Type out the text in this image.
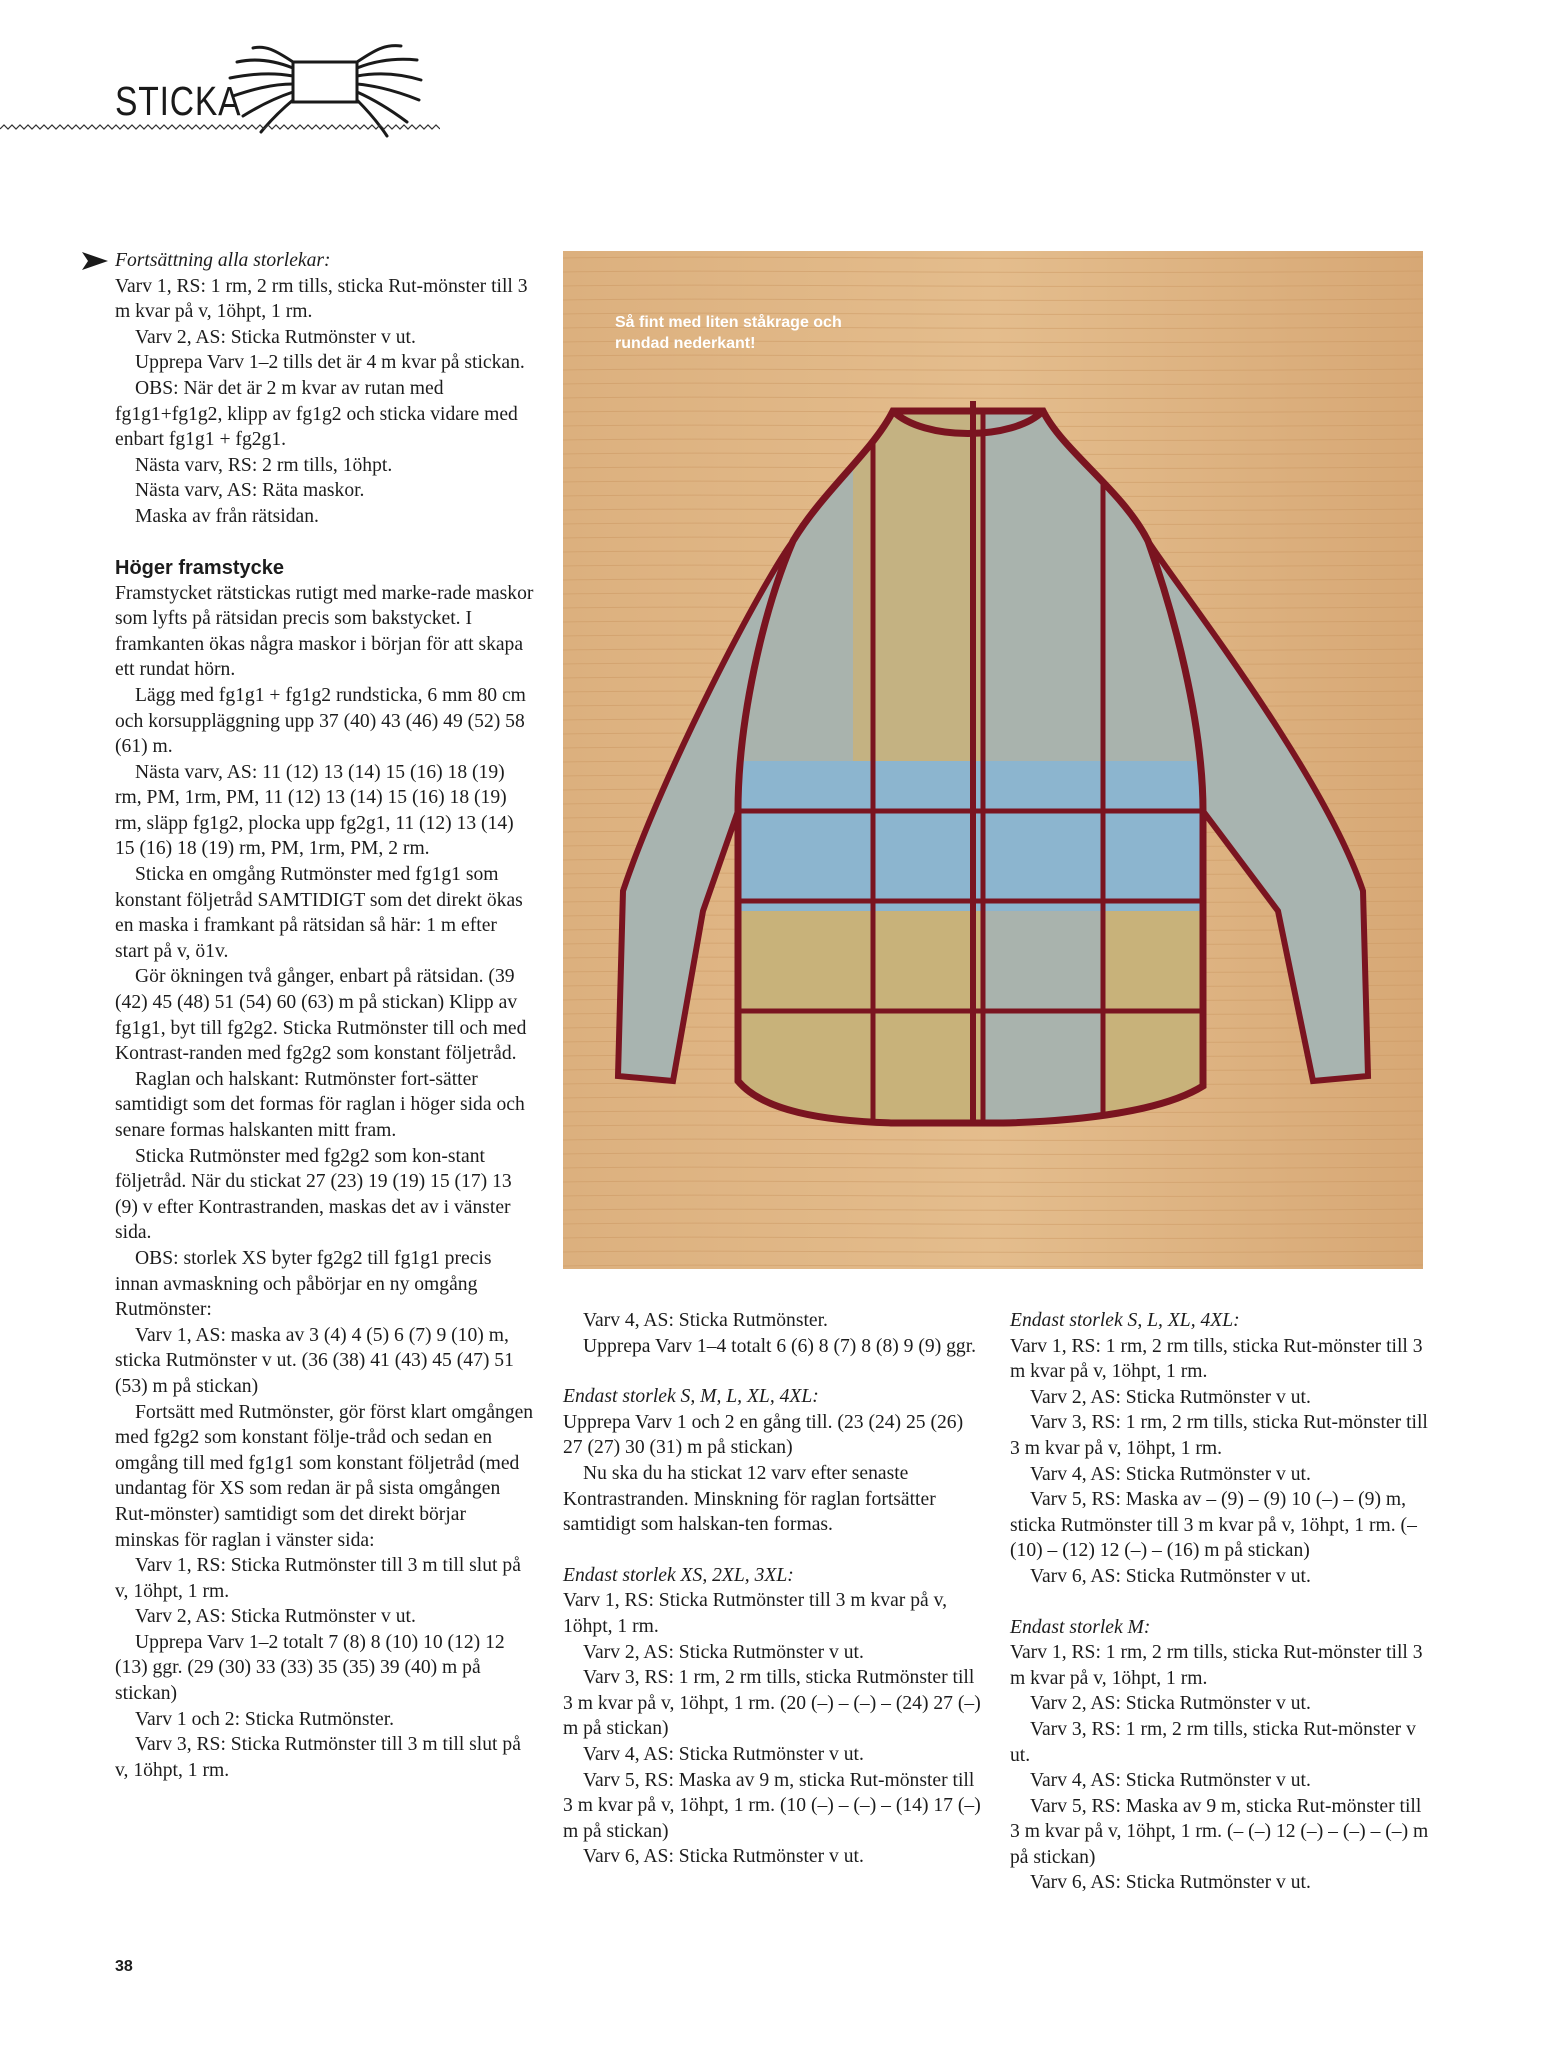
STICKA

Fortsättning alla storlekar:

Varv 1, RS: 1 rm, 2 rm tills, sticka Rut-mönster till 3 m kvar på v, 1öhpt, 1 rm.

Varv 2, AS: Sticka Rutmönster v ut.

Upprepa Varv 1–2 tills det är 4 m kvar på stickan.

OBS: När det är 2 m kvar av rutan med fg1g1+fg1g2, klipp av fg1g2 och sticka vidare med enbart fg1g1 + fg2g1.

Nästa varv, RS: 2 rm tills, 1öhpt.

Nästa varv, AS: Räta maskor.

Maska av från rätsidan.

Höger framstycke

Framstycket rätstickas rutigt med marke-rade maskor som lyfts på rätsidan precis som bakstycket. I framkanten ökas några maskor i början för att skapa ett rundat hörn.

Lägg med fg1g1 + fg1g2 rundsticka, 6 mm 80 cm och korsuppläggning upp 37 (40) 43 (46) 49 (52) 58 (61) m.

Nästa varv, AS: 11 (12) 13 (14) 15 (16) 18 (19) rm, PM, 1rm, PM, 11 (12) 13 (14) 15 (16) 18 (19) rm, släpp fg1g2, plocka upp fg2g1, 11 (12) 13 (14) 15 (16) 18 (19) rm, PM, 1rm, PM, 2 rm.

Sticka en omgång Rutmönster med fg1g1 som konstant följetråd SAMTIDIGT som det direkt ökas en maska i framkant på rätsidan så här: 1 m efter start på v, ö1v.

Gör ökningen två gånger, enbart på rätsidan. (39 (42) 45 (48) 51 (54) 60 (63) m på stickan) Klipp av fg1g1, byt till fg2g2. Sticka Rutmönster till och med Kontrast-randen med fg2g2 som konstant följetråd.

Raglan och halskant: Rutmönster fort-sätter samtidigt som det formas för raglan i höger sida och senare formas halskanten mitt fram.

Sticka Rutmönster med fg2g2 som kon-stant följetråd. När du stickat 27 (23) 19 (19) 15 (17) 13 (9) v efter Kontrastranden, maskas det av i vänster sida.

OBS: storlek XS byter fg2g2 till fg1g1 precis innan avmaskning och påbörjar en ny omgång Rutmönster:

Varv 1, AS: maska av 3 (4) 4 (5) 6 (7) 9 (10) m, sticka Rutmönster v ut. (36 (38) 41 (43) 45 (47) 51 (53) m på stickan)

Fortsätt med Rutmönster, gör först klart omgången med fg2g2 som konstant följe-tråd och sedan en omgång till med fg1g1 som konstant följetråd (med undantag för XS som redan är på sista omgången Rut-mönster) samtidigt som det direkt börjar minskas för raglan i vänster sida:

Varv 1, RS: Sticka Rutmönster till 3 m till slut på v, 1öhpt, 1 rm.

Varv 2, AS: Sticka Rutmönster v ut.

Upprepa Varv 1–2 totalt 7 (8) 8 (10) 10 (12) 12 (13) ggr. (29 (30) 33 (33) 35 (35) 39 (40) m på stickan)

Varv 1 och 2: Sticka Rutmönster.

Varv 3, RS: Sticka Rutmönster till 3 m till slut på v, 1öhpt, 1 rm.

Varv 4, AS: Sticka Rutmönster.

Upprepa Varv 1–4 totalt 6 (6) 8 (7) 8 (8) 9 (9) ggr.

Endast storlek S, M, L, XL, 4XL:

Upprepa Varv 1 och 2 en gång till. (23 (24) 25 (26) 27 (27) 30 (31) m på stickan)

Nu ska du ha stickat 12 varv efter senaste Kontrastranden. Minskning för raglan fortsätter samtidigt som halskan-ten formas.

Endast storlek XS, 2XL, 3XL:

Varv 1, RS: Sticka Rutmönster till 3 m kvar på v, 1öhpt, 1 rm.

Varv 2, AS: Sticka Rutmönster v ut.

Varv 3, RS: 1 rm, 2 rm tills, sticka Rutmönster till 3 m kvar på v, 1öhpt, 1 rm. (20 (–) – (–) – (24) 27 (–) m på stickan)

Varv 4, AS: Sticka Rutmönster v ut.

Varv 5, RS: Maska av 9 m, sticka Rut-mönster till 3 m kvar på v, 1öhpt, 1 rm. (10 (–) – (–) – (14) 17 (–) m på stickan)

Varv 6, AS: Sticka Rutmönster v ut.

Endast storlek S, L, XL, 4XL:

Varv 1, RS: 1 rm, 2 rm tills, sticka Rut-mönster till 3 m kvar på v, 1öhpt, 1 rm.

Varv 2, AS: Sticka Rutmönster v ut.

Varv 3, RS: 1 rm, 2 rm tills, sticka Rut-mönster till 3 m kvar på v, 1öhpt, 1 rm.

Varv 4, AS: Sticka Rutmönster v ut.

Varv 5, RS: Maska av – (9) – (9) 10 (–) – (9) m, sticka Rutmönster till 3 m kvar på v, 1öhpt, 1 rm. (– (10) – (12) 12 (–) – (16) m på stickan)

Varv 6, AS: Sticka Rutmönster v ut.

Endast storlek M:

Varv 1, RS: 1 rm, 2 rm tills, sticka Rut-mönster till 3 m kvar på v, 1öhpt, 1 rm.

Varv 2, AS: Sticka Rutmönster v ut.

Varv 3, RS: 1 rm, 2 rm tills, sticka Rut-mönster v ut.

Varv 4, AS: Sticka Rutmönster v ut.

Varv 5, RS: Maska av 9 m, sticka Rut-mönster till 3 m kvar på v, 1öhpt, 1 rm. (– (–) 12 (–) – (–) – (–) m på stickan)

Varv 6, AS: Sticka Rutmönster v ut.

Så fint med liten ståkrage och rundad nederkant!
38
